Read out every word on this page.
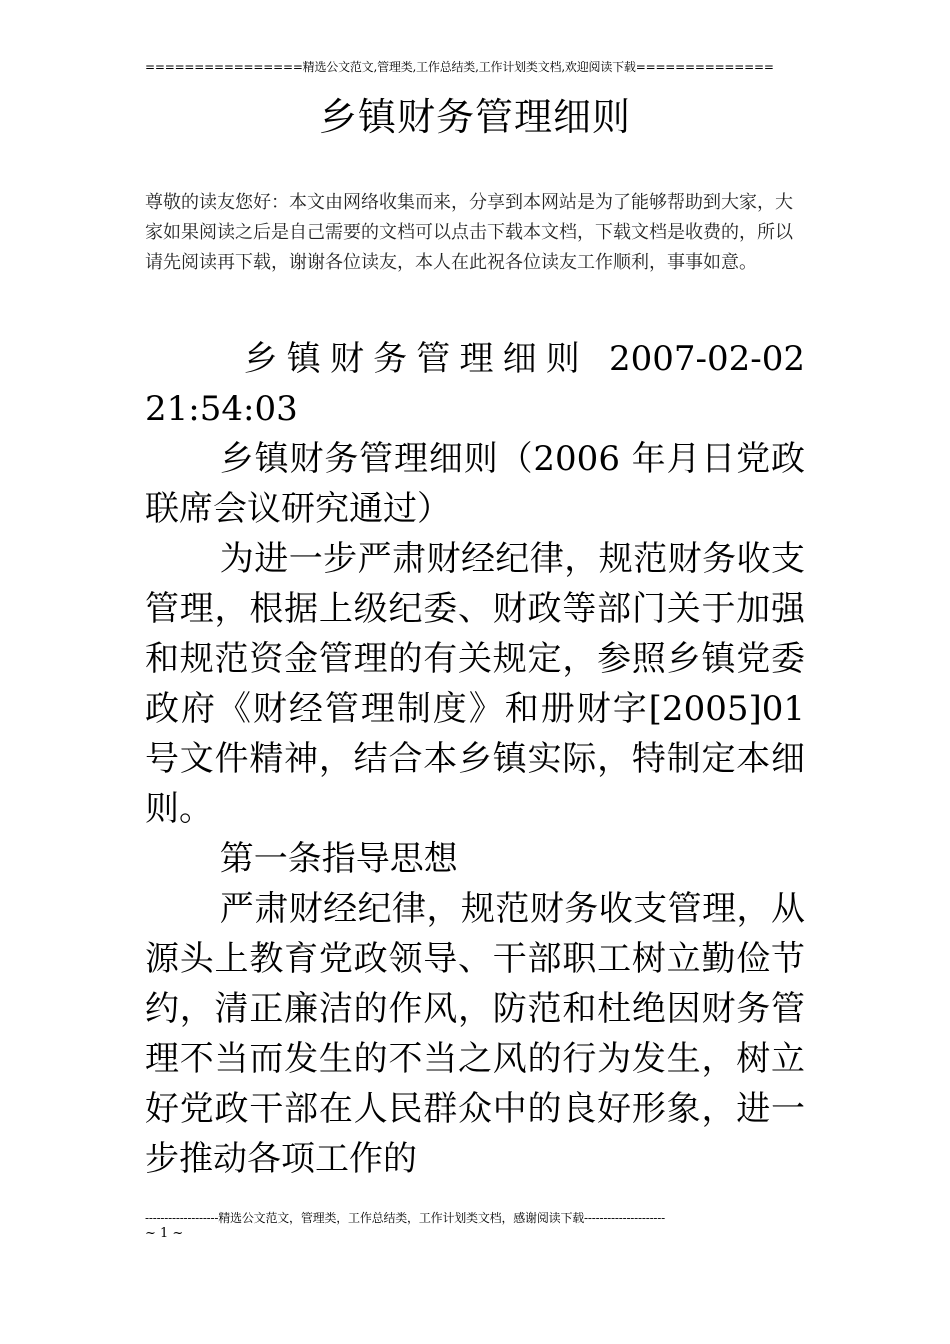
================精选公文范文,管理类,工作总结类,工作计划类文档,欢迎阅读下载==============
乡镇财务管理细则
尊敬的读友您好：本文由网络收集而来，分享到本网站是为了能够帮助到大家，大家如果阅读之后是自己需要的文档可以点击下载本文档，下载文档是收费的，所以请先阅读再下载，谢谢各位读友，本人在此祝各位读友工作顺利，事事如意。

乡镇财务管理细则 2007-02-02 21:54:03

乡镇财务管理细则（2006 年月日党政联席会议研究通过）

为进一步严肃财经纪律，规范财务收支管理，根据上级纪委、财政等部门关于加强和规范资金管理的有关规定，参照乡镇党委政府《财经管理制度》和册财字[2005]01 号文件精神，结合本乡镇实际，特制定本细则。

第一条指导思想

严肃财经纪律，规范财务收支管理，从源头上教育党政领导、干部职工树立勤俭节约，清正廉洁的作风，防范和杜绝因财务管理不当而发生的不当之风的行为发生，树立好党政干部在人民群众中的良好形象，进一步推动各项工作的

-------------------精选公文范文，管理类，工作总结类，工作计划类文档，感谢阅读下载---------------------
~ 1 ~
